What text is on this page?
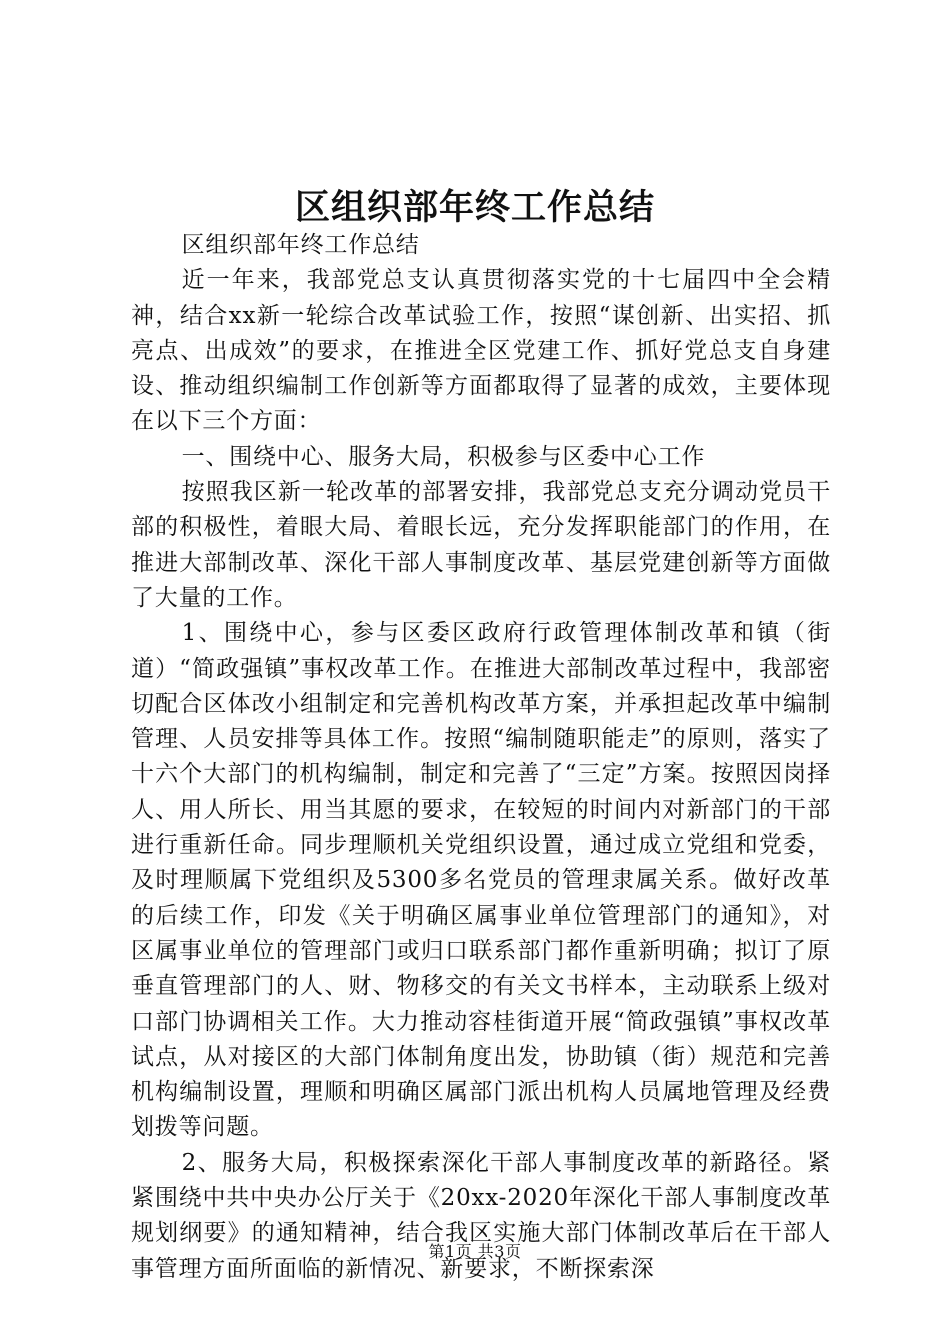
区组织部年终工作总结

区组织部年终工作总结

近一年来，我部党总支认真贯彻落实党的十七届四中全会精神，结合xx新一轮综合改革试验工作，按照“谋创新、出实招、抓亮点、出成效”的要求，在推进全区党建工作、抓好党总支自身建设、推动组织编制工作创新等方面都取得了显著的成效，主要体现在以下三个方面：

一、围绕中心、服务大局，积极参与区委中心工作

按照我区新一轮改革的部署安排，我部党总支充分调动党员干部的积极性，着眼大局、着眼长远，充分发挥职能部门的作用，在推进大部制改革、深化干部人事制度改革、基层党建创新等方面做了大量的工作。

1、围绕中心，参与区委区政府行政管理体制改革和镇（街道）“简政强镇”事权改革工作。在推进大部制改革过程中，我部密切配合区体改小组制定和完善机构改革方案，并承担起改革中编制管理、人员安排等具体工作。按照“编制随职能走”的原则，落实了十六个大部门的机构编制，制定和完善了“三定”方案。按照因岗择人、用人所长、用当其愿的要求，在较短的时间内对新部门的干部进行重新任命。同步理顺机关党组织设置，通过成立党组和党委，及时理顺属下党组织及5300多名党员的管理隶属关系。做好改革的后续工作，印发《关于明确区属事业单位管理部门的通知》，对区属事业单位的管理部门或归口联系部门都作重新明确；拟订了原垂直管理部门的人、财、物移交的有关文书样本，主动联系上级对口部门协调相关工作。大力推动容桂街道开展“简政强镇”事权改革试点，从对接区的大部门体制角度出发，协助镇（街）规范和完善机构编制设置，理顺和明确区属部门派出机构人员属地管理及经费划拨等问题。

2、服务大局，积极探索深化干部人事制度改革的新路径。紧紧围绕中共中央办公厅关于《20xx-2020年深化干部人事制度改革规划纲要》的通知精神，结合我区实施大部门体制改革后在干部人事管理方面所面临的新情况、新要求，不断探索深

第1页 共3页
